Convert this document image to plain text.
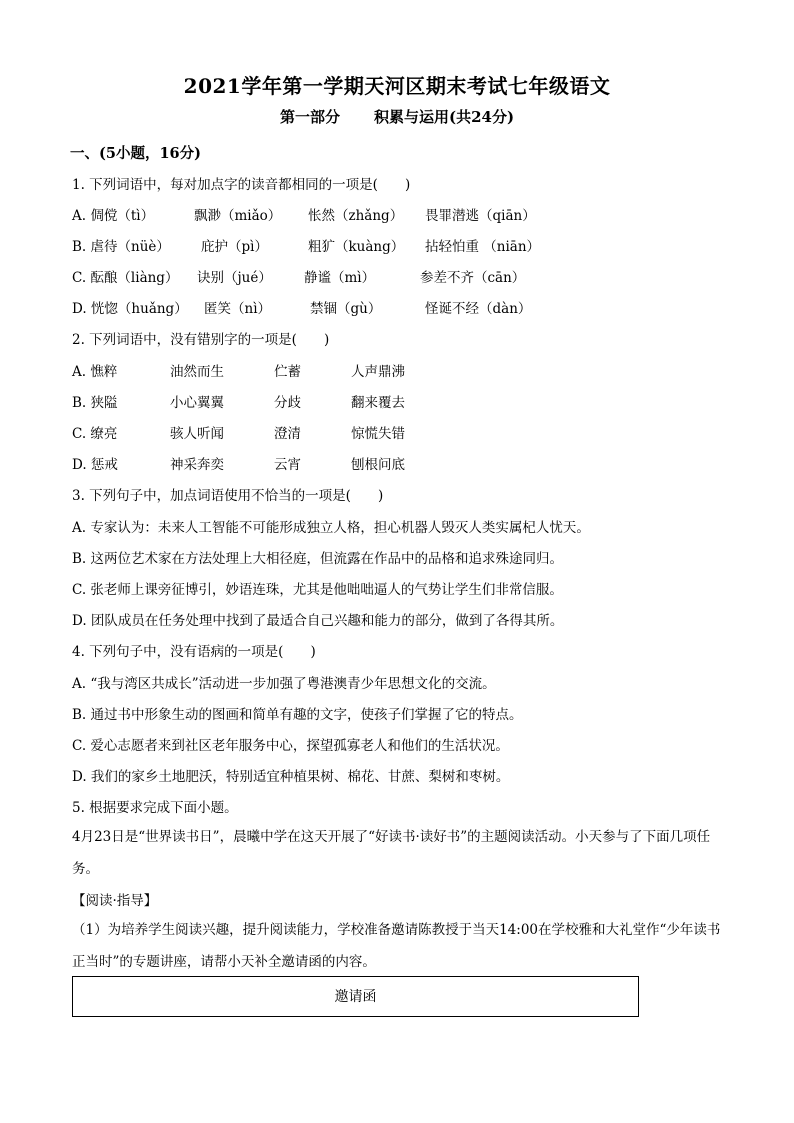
2021学年第一学期天河区期末考试七年级语文
第一部分 积累与运用(共24分)
一、(5小题，16分)
1. 下列词语中，每对加点字的读音都相同的一项是(　　)
A. 倜傥（tì）	飘渺（miǎo） 怅然（zhǎng） 畏罪潜逃（qiān）
B. 虐待（nüè） 庇护（pì）	粗犷（kuàng） 拈轻怕重 （niān）
C. 酝酿（liàng） 诀别（jué） 静谧（mì）	参差不齐（cān）
D. 恍惚（huǎng） 匿笑（nì）	禁锢（gù）	怪诞不经（dàn）
2. 下列词语中，没有错别字的一项是(　　)
A. 憔粹	油然而生	伫蓄	人声鼎沸
B. 狭隘	小心翼翼	分歧	翻来覆去
C. 缭亮	骇人听闻	澄清	惊慌失错
D. 惩戒	神采奔奕	云宵	刨根问底
3. 下列句子中，加点词语使用不恰当的一项是(　　)
A. 专家认为：未来人工智能不可能形成独立人格，担心机器人毁灭人类实属杞人忧天。
B. 这两位艺术家在方法处理上大相径庭，但流露在作品中的品格和追求殊途同归。
C. 张老师上课旁征博引，妙语连珠，尤其是他咄咄逼人的气势让学生们非常信服。
D. 团队成员在任务处理中找到了最适合自己兴趣和能力的部分，做到了各得其所。
4. 下列句子中，没有语病的一项是(　　)
A. “我与湾区共成长”活动进一步加强了粤港澳青少年思想文化的交流。
B. 通过书中形象生动的图画和简单有趣的文字，使孩子们掌握了它的特点。
C. 爱心志愿者来到社区老年服务中心，探望孤寡老人和他们的生活状况。
D. 我们的家乡土地肥沃，特别适宜种植果树、棉花、甘蔗、梨树和枣树。
5. 根据要求完成下面小题。
4月23日是“世界读书日”，晨曦中学在这天开展了“好读书·读好书”的主题阅读活动。小天参与了下面几项任务。
【阅读·指导】
（1）为培养学生阅读兴趣，提升阅读能力，学校准备邀请陈教授于当天14:00在学校雅和大礼堂作“少年读书正当时”的专题讲座，请帮小天补全邀请函的内容。
邀请函
